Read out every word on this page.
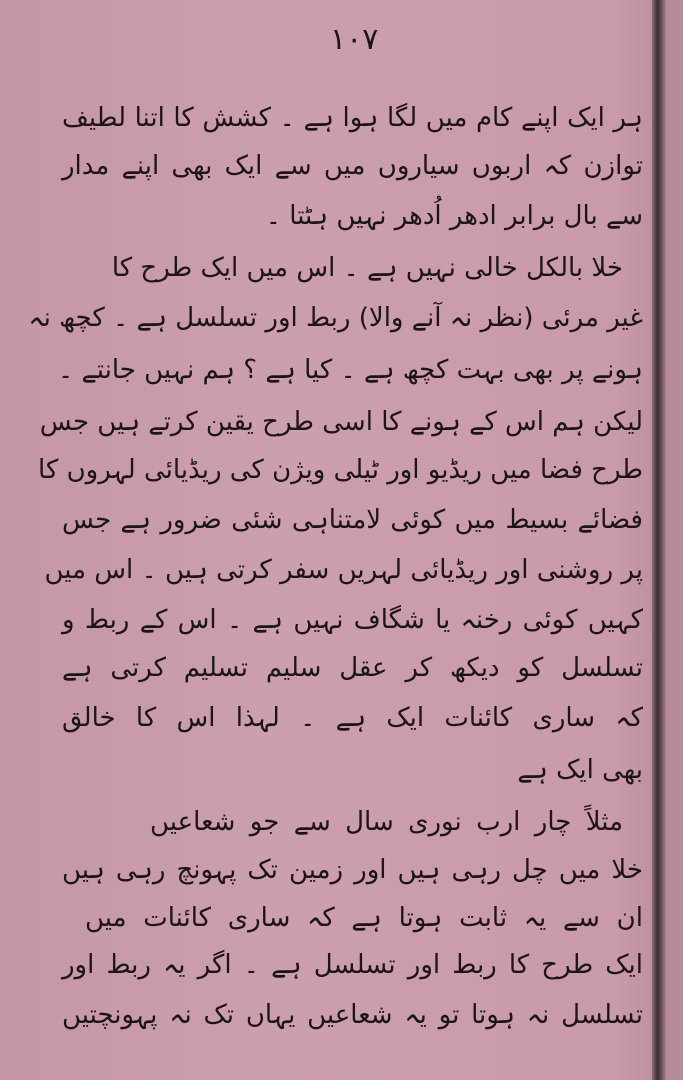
١٠٧
ہر ایک اپنے کام میں لگا ہوا ہے ۔ کشش کا اتنا لطیف
توازن کہ اربوں سیاروں میں سے ایک بھی اپنے مدار
سے بال برابر ادھر اُدھر نہیں ہٹتا ۔
خلا بالکل خالی نہیں ہے ۔ اس میں ایک طرح کا
غیر مرئی (نظر نہ آنے والا) ربط اور تسلسل ہے ۔ کچھ نہ
ہونے پر بھی بہت کچھ ہے ۔ کیا ہے ؟ ہم نہیں جانتے ۔
لیکن ہم اس کے ہونے کا اسی طرح یقین کرتے ہیں جس
طرح فضا میں ریڈیو اور ٹیلی ویژن کی ریڈیائی لہروں کا
فضائے بسیط میں کوئی لامتناہی شئی ضرور ہے جس
پر روشنی اور ریڈیائی لہریں سفر کرتی ہیں ۔ اس میں
کہیں کوئی رخنہ یا شگاف نہیں ہے ۔ اس کے ربط و
تسلسل کو دیکھ کر عقل سلیم تسلیم کرتی ہے
کہ ساری کائنات ایک ہے ۔ لہذا اس کا خالق
بھی ایک ہے
مثلاً چار ارب نوری سال سے جو شعاعیں
خلا میں چل رہی ہیں اور زمین تک پہونچ رہی ہیں
ان سے یہ ثابت ہوتا ہے کہ ساری کائنات میں
ایک طرح کا ربط اور تسلسل ہے ۔ اگر یہ ربط اور
تسلسل نہ ہوتا تو یہ شعاعیں یہاں تک نہ پہونچتیں
